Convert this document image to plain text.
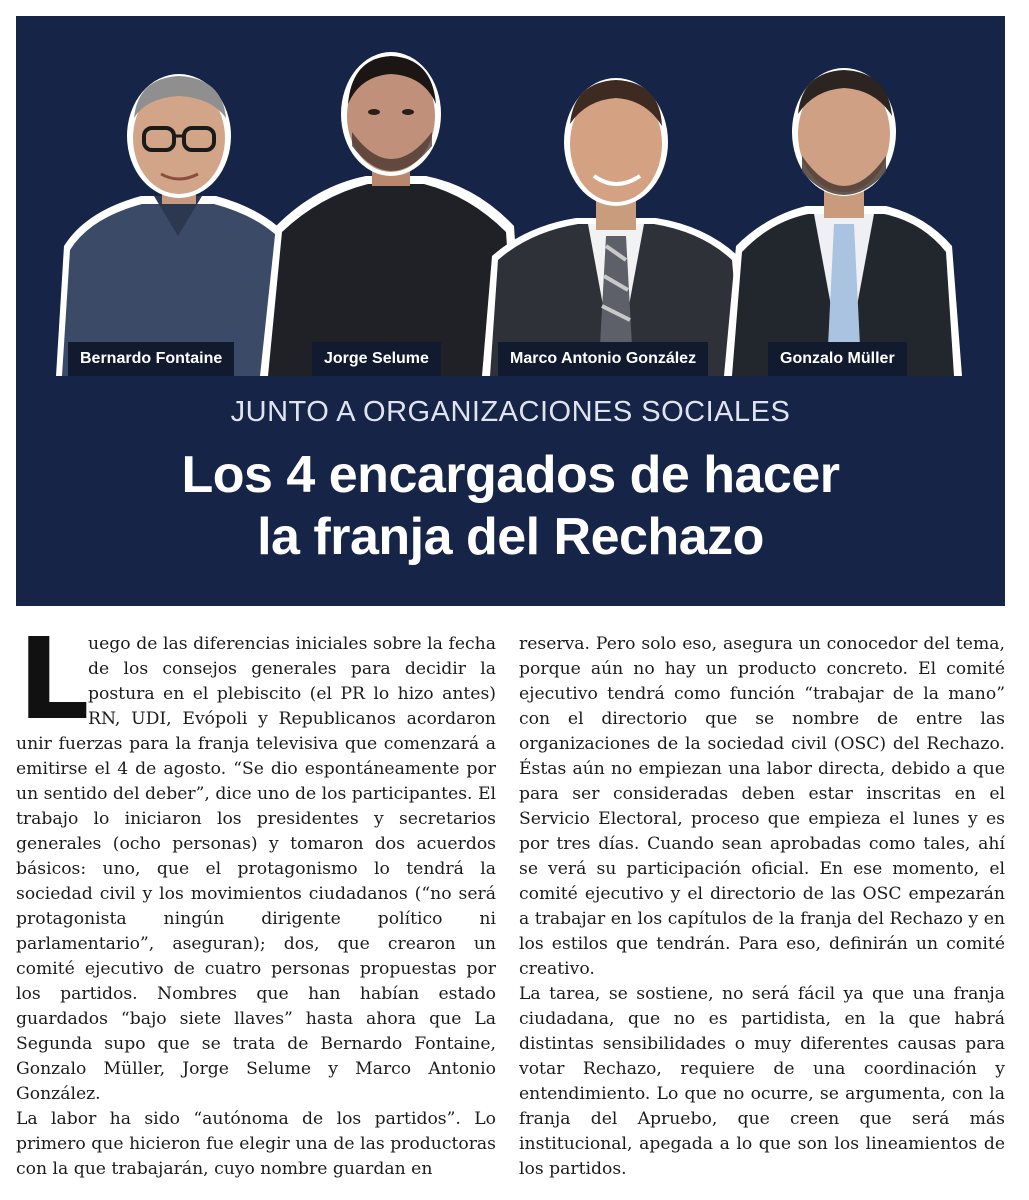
Bernardo Fontaine	Jorge Selume	Marco Antonio González	Gonzalo Müller
JUNTO A ORGANIZACIONES SOCIALES
Los 4 encargados de hacer
la franja del Rechazo

L
uego de las diferencias iniciales sobre la fecha de los consejos generales para decidir la postura en el plebiscito (el PR lo hizo antes) RN, UDI, Evópoli y Republicanos acordaron unir fuerzas para la franja televisiva que comenzará a emitirse el 4 de agosto. “Se dio espontáneamente por un sentido del deber”, dice uno de los participantes. El trabajo lo iniciaron los presidentes y secretarios generales (ocho personas) y tomaron dos acuerdos básicos: uno, que el protagonismo lo tendrá la sociedad civil y los movimientos ciudadanos (“no será protagonista ningún dirigente político ni parlamentario”, aseguran); dos, que crearon un comité ejecutivo de cuatro personas propuestas por los partidos. Nombres que han habían estado guardados “bajo siete llaves” hasta ahora que La Segunda supo que se trata de Bernardo Fontaine, Gonzalo Müller, Jorge Selume y Marco Antonio González.

La labor ha sido “autónoma de los partidos”. Lo primero que hicieron fue elegir una de las productoras con la que trabajarán, cuyo nombre guardan en

reserva. Pero solo eso, asegura un conocedor del tema, porque aún no hay un producto concreto. El comité ejecutivo tendrá como función “trabajar de la mano” con el directorio que se nombre de entre las organizaciones de la sociedad civil (OSC) del Rechazo. Éstas aún no empiezan una labor directa, debido a que para ser consideradas deben estar inscritas en el Servicio Electoral, proceso que empieza el lunes y es por tres días. Cuando sean aprobadas como tales, ahí se verá su participación oficial. En ese momento, el comité ejecutivo y el directorio de las OSC empezarán a trabajar en los capítulos de la franja del Rechazo y en los estilos que tendrán. Para eso, definirán un comité creativo.

La tarea, se sostiene, no será fácil ya que una franja ciudadana, que no es partidista, en la que habrá distintas sensibilidades o muy diferentes causas para votar Rechazo, requiere de una coordinación y entendimiento. Lo que no ocurre, se argumenta, con la franja del Apruebo, que creen que será más institucional, apegada a lo que son los lineamientos de los partidos.
